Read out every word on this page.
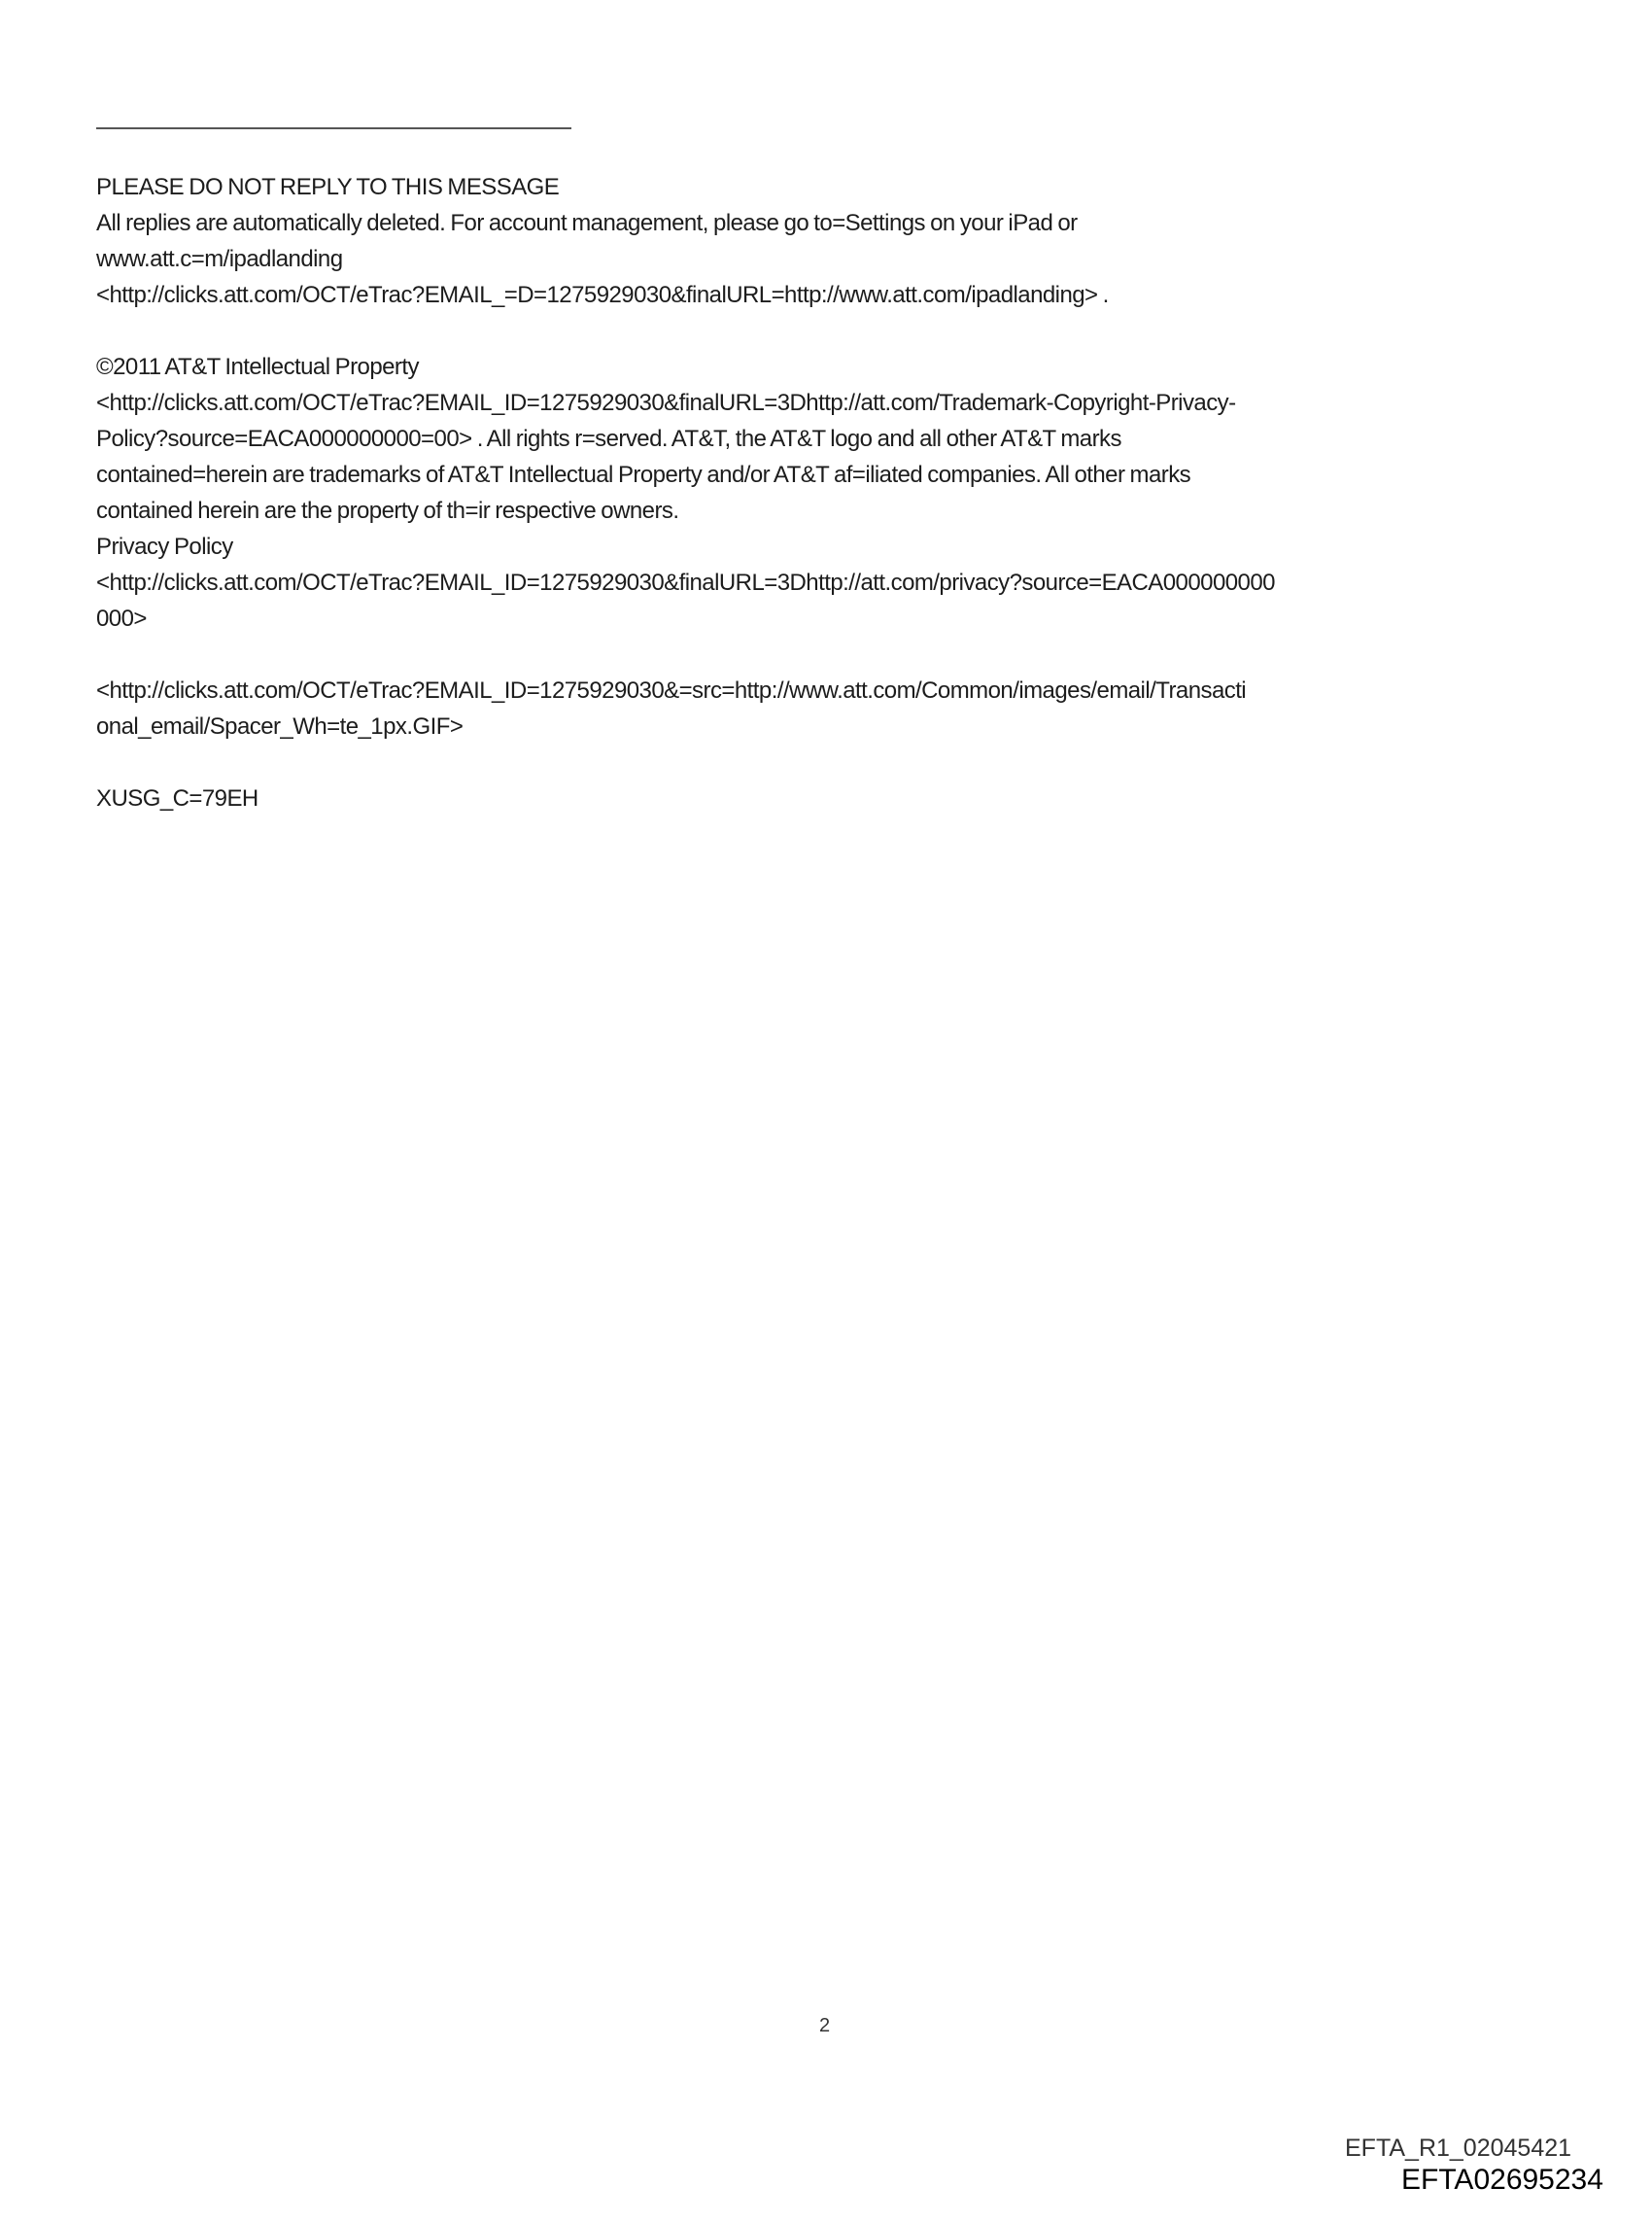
PLEASE DO NOT REPLY TO THIS MESSAGE
All replies are automatically deleted. For account management, please go to=Settings on your iPad or
www.att.c=m/ipadlanding
<http://clicks.att.com/OCT/eTrac?EMAIL_=D=1275929030&finalURL=http://www.att.com/ipadlanding> .
©2011 AT&T Intellectual Property
<http://clicks.att.com/OCT/eTrac?EMAIL_ID=1275929030&finalURL=3Dhttp://att.com/Trademark-Copyright-Privacy-
Policy?source=EACA000000000=00> . All rights r=served. AT&T, the AT&T logo and all other AT&T marks
contained=herein are trademarks of AT&T Intellectual Property and/or AT&T af=iliated companies. All other marks
contained herein are the property of th=ir respective owners.
Privacy Policy
<http://clicks.att.com/OCT/eTrac?EMAIL_ID=1275929030&finalURL=3Dhttp://att.com/privacy?source=EACA000000000
000>
<http://clicks.att.com/OCT/eTrac?EMAIL_ID=1275929030&=src=http://www.att.com/Common/images/email/Transacti
onal_email/Spacer_Wh=te_1px.GIF>
XUSG_C=79EH
2
EFTA_R1_02045421
EFTA02695234
